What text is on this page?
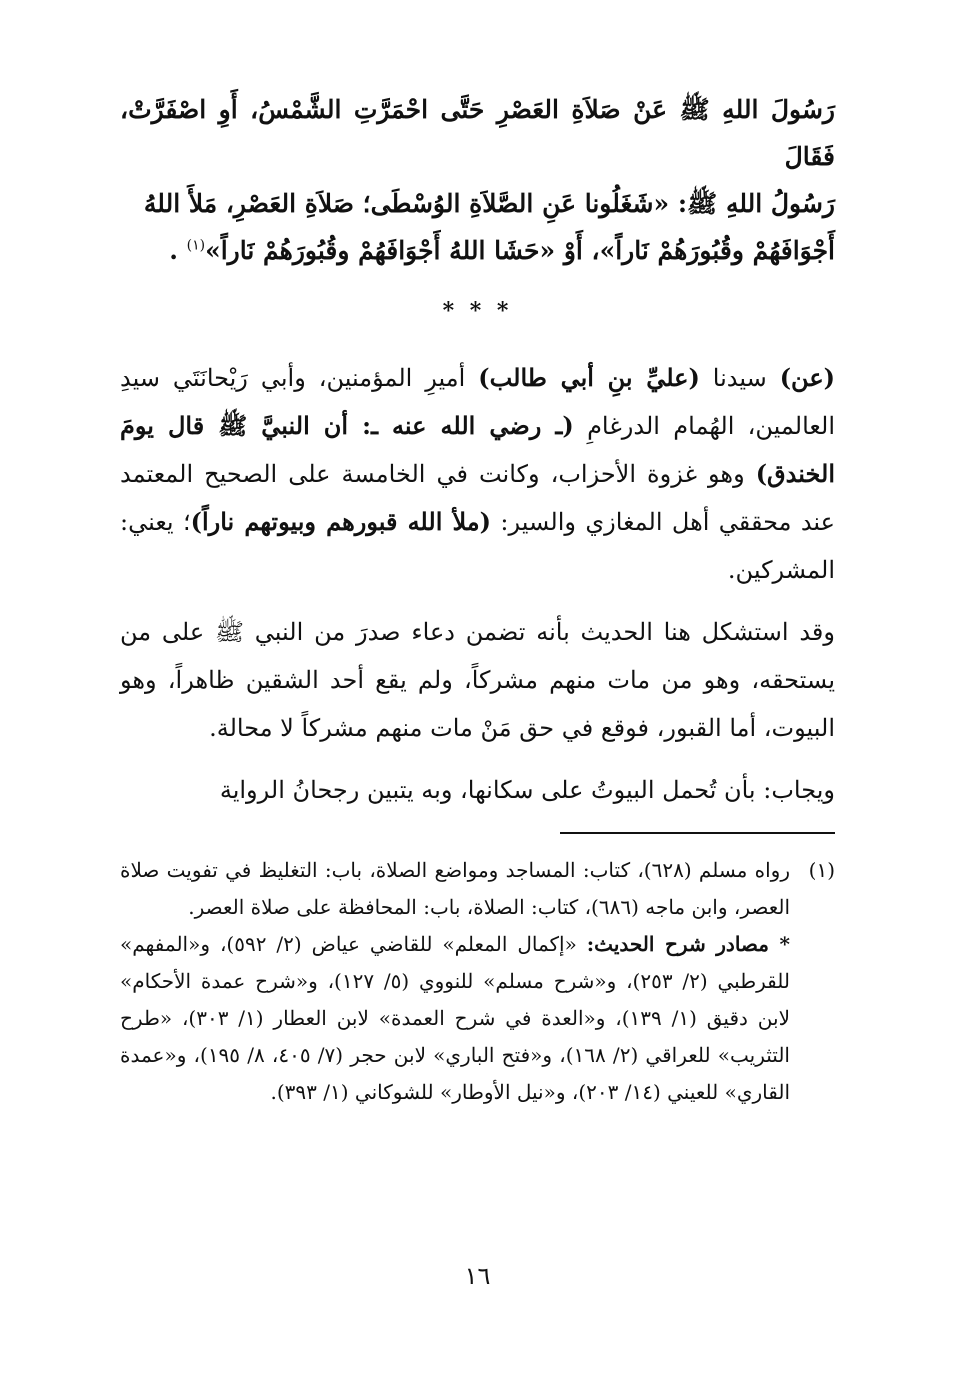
رَسُولَ اللهِ ﷺ عَنْ صَلاَةِ العَصْرِ حَتَّى احْمَرَّتِ الشَّمْسُ، أَوِ اصْفَرَّتْ، فَقَالَ
رَسُولُ اللهِ ﷺ: «شَغَلُونا عَنِ الصَّلاَةِ الوُسْطَى؛ صَلاَةِ العَصْرِ، مَلأَ اللهُ
أَجْوَافَهُمْ وقُبُورَهُمْ نَاراً»، أَوْ «حَشَا اللهُ أَجْوَافَهُمْ وقُبُورَهُمْ نَاراً»$^{(١)}$ .
* * *

(عن) سيدنا (عليِّ بنِ أبي طالب) أميرِ المؤمنين، وأبي رَيْحانَتَي سيدِ العالمين، الهُمام الدرغامِ (ـ رضي الله عنه ـ: أن النبيَّ ﷺ قال يومَ الخندق) وهو غزوة الأحزاب، وكانت في الخامسة على الصحيح المعتمد عند محققي أهل المغازي والسير: (ملأ الله قبورهم وبيوتهم ناراً)؛ يعني: المشركين.

وقد استشكل هنا الحديث بأنه تضمن دعاء صدرَ من النبي ﷺ على من يستحقه، وهو من مات منهم مشركاً، ولم يقع أحد الشقين ظاهراً، وهو البيوت، أما القبور، فوقع في حق مَنْ مات منهم مشركاً لا محالة.

ويجاب: بأن تُحمل البيوتُ على سكانها، وبه يتبين رجحانُ الرواية

(١)
رواه مسلم (٦٢٨)، كتاب: المساجد ومواضع الصلاة، باب: التغليظ في تفويت صلاة العصر، وابن ماجه (٦٨٦)، كتاب: الصلاة، باب: المحافظة على صلاة العصر.
* مصادر شرح الحديث: «إكمال المعلم» للقاضي عياض (٢/ ٥٩٢)، و«المفهم» للقرطبي (٢/ ٢٥٣)، و«شرح مسلم» للنووي (٥/ ١٢٧)، و«شرح عمدة الأحكام» لابن دقيق (١/ ١٣٩)، و«العدة في شرح العمدة» لابن العطار (١/ ٣٠٣)، «طرح التثريب» للعراقي (٢/ ١٦٨)، و«فتح الباري» لابن حجر (٧/ ٤٠٥، ٨/ ١٩٥)، و«عمدة القاري» للعيني (١٤/ ٢٠٣)، و«نيل الأوطار» للشوكاني (١/ ٣٩٣).
١٦
